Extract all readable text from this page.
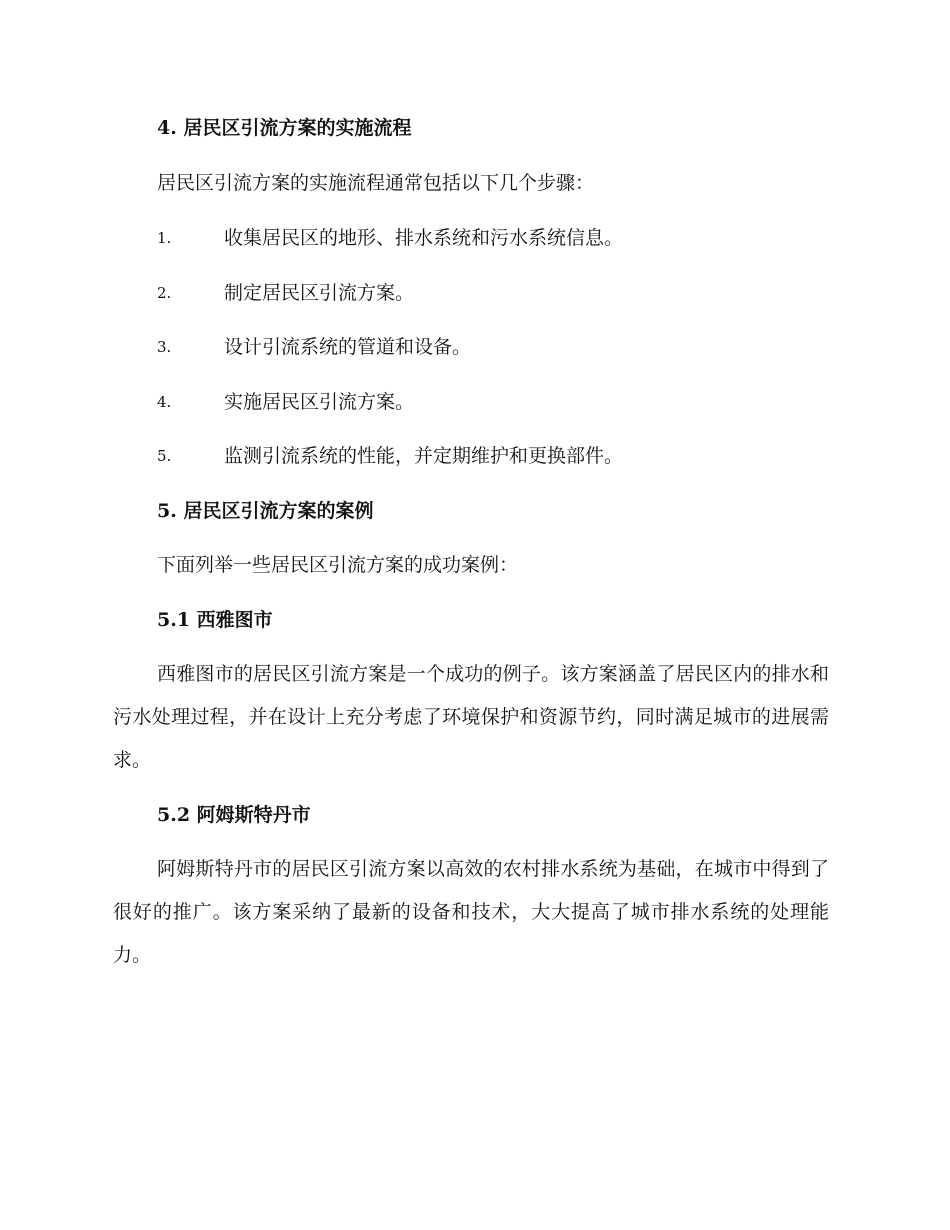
4. 居民区引流方案的实施流程
居民区引流方案的实施流程通常包括以下几个步骤：
1.	收集居民区的地形、排水系统和污水系统信息。
2.	制定居民区引流方案。
3.	设计引流系统的管道和设备。
4.	实施居民区引流方案。
5.	监测引流系统的性能，并定期维护和更换部件。
5. 居民区引流方案的案例
下面列举一些居民区引流方案的成功案例：
5.1 西雅图市
西雅图市的居民区引流方案是一个成功的例子。该方案涵盖了居民区内的排水和污水处理过程，并在设计上充分考虑了环境保护和资源节约，同时满足城市的进展需求。
5.2 阿姆斯特丹市
阿姆斯特丹市的居民区引流方案以高效的农村排水系统为基础，在城市中得到了很好的推广。该方案采纳了最新的设备和技术，大大提高了城市排水系统的处理能力。
